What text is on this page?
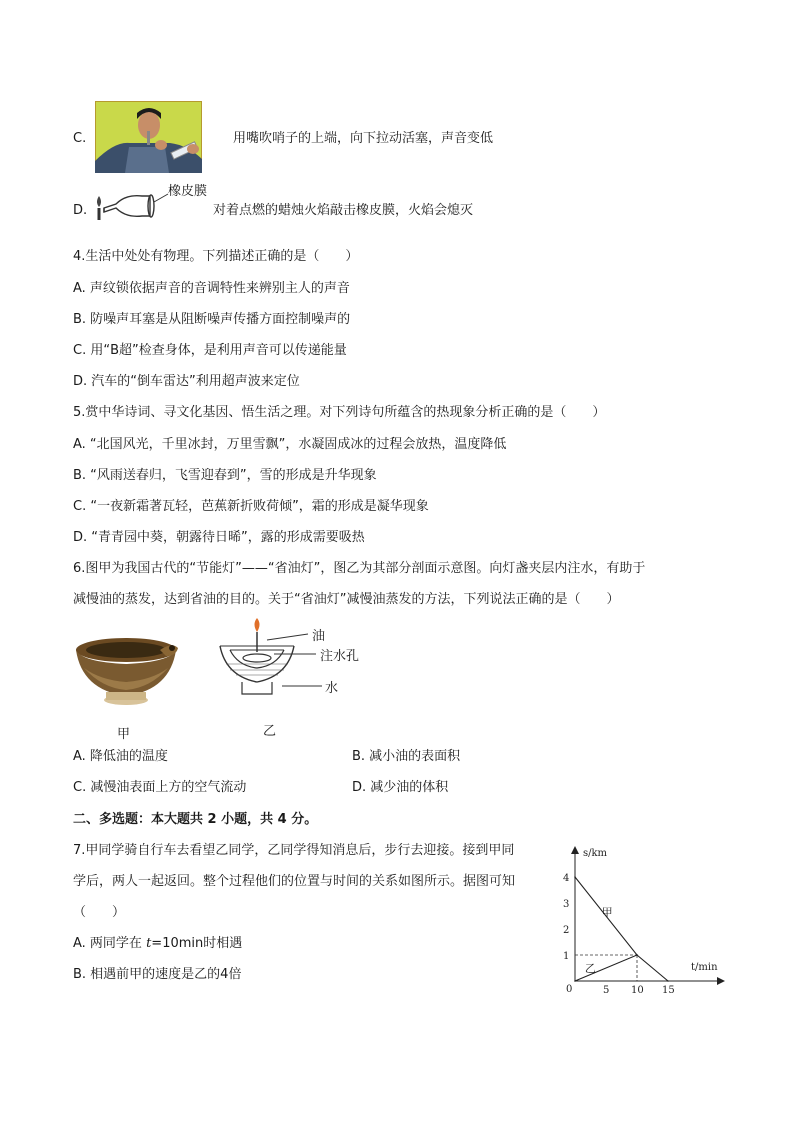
C.	用嘴吹哨子的上端，向下拉动活塞，声音变低
D.
橡皮膜
对着点燃的蜡烛火焰敲击橡皮膜，火焰会熄灭
4.生活中处处有物理。下列描述正确的是（　　）
A. 声纹锁依据声音的音调特性来辨别主人的声音
B. 防噪声耳塞是从阻断噪声传播方面控制噪声的
C. 用“B超”检查身体，是利用声音可以传递能量
D. 汽车的“倒车雷达”利用超声波来定位
5.赏中华诗词、寻文化基因、悟生活之理。对下列诗句所蕴含的热现象分析正确的是（　　）
A. “北国风光，千里冰封，万里雪飘”，水凝固成冰的过程会放热，温度降低
B. “风雨送春归，飞雪迎春到”，雪的形成是升华现象
C. “一夜新霜著瓦轻，芭蕉新折败荷倾”，霜的形成是凝华现象
D. “青青园中葵，朝露待日晞”，露的形成需要吸热
6.图甲为我国古代的“节能灯”——“省油灯”，图乙为其部分剖面示意图。向灯盏夹层内注水，有助于
减慢油的蒸发，达到省油的目的。关于“省油灯”减慢油蒸发的方法，下列说法正确的是（　　）
甲
油
注水孔
水
乙
A. 降低油的温度	B. 减小油的表面积
C. 减慢油表面上方的空气流动	D. 减少油的体积
二、多选题：本大题共 2 小题，共 4 分。
7.甲同学骑自行车去看望乙同学，乙同学得知消息后，步行去迎接。接到甲同
学后，两人一起返回。整个过程他们的位置与时间的关系如图所示。据图可知
（　　）
A. 两同学在 t=10min时相遇
B. 相遇前甲的速度是乙的4倍
s/km
t/min
0	5 10 15
1
2
3
4
甲
乙
